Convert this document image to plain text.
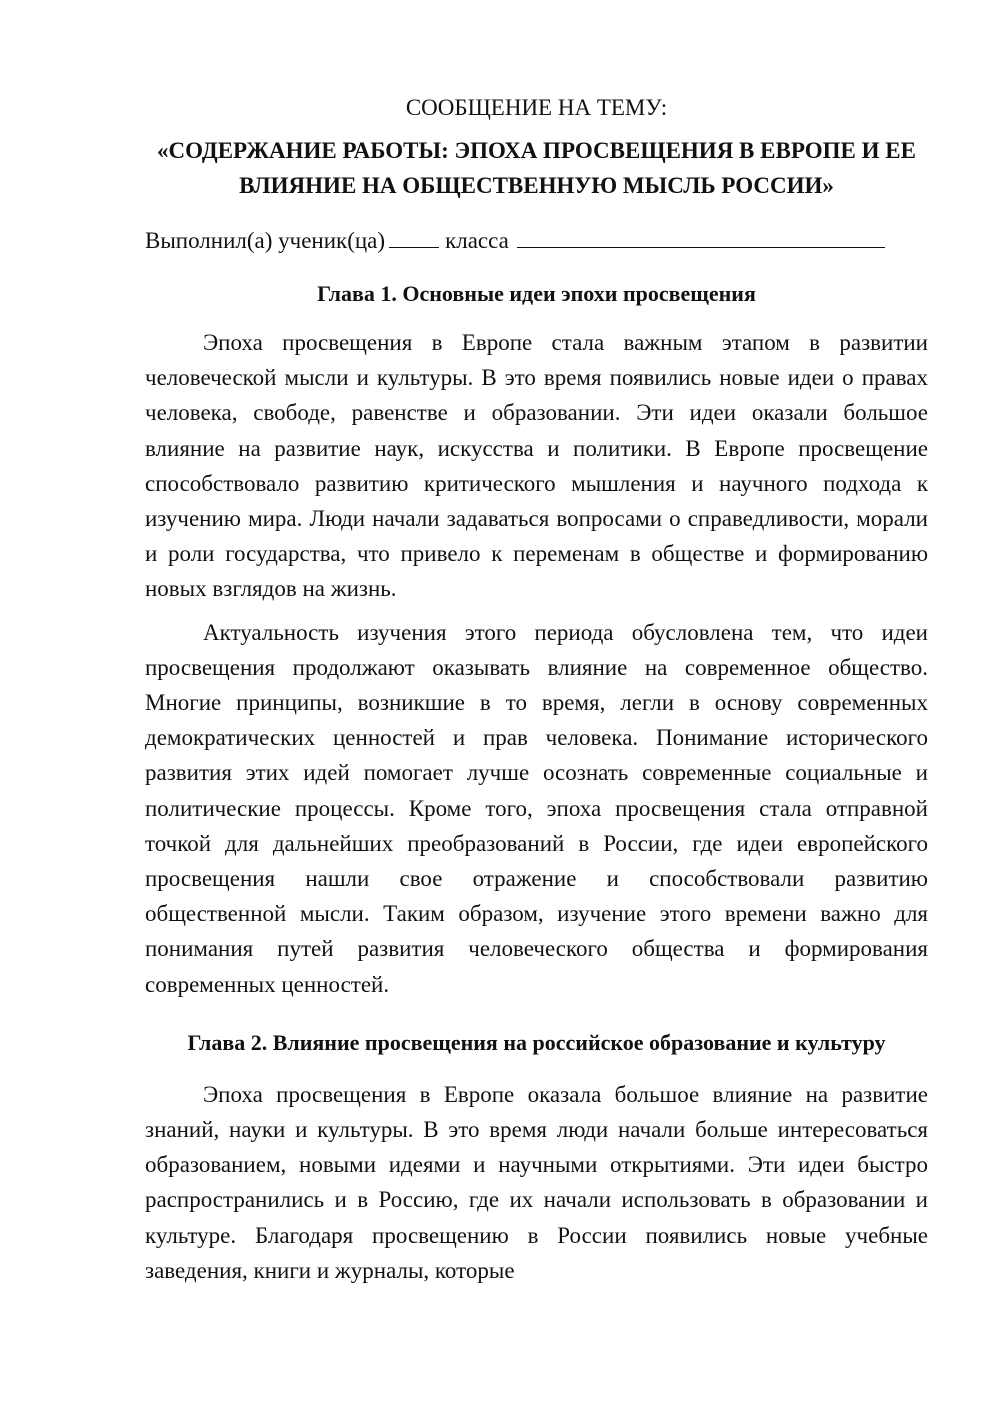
СООБЩЕНИЕ НА ТЕМУ:

«СОДЕРЖАНИЕ РАБОТЫ: ЭПОХА ПРОСВЕЩЕНИЯ В ЕВРОПЕ И ЕЕ ВЛИЯНИЕ НА ОБЩЕСТВЕННУЮ МЫСЛЬ РОССИИ»

Выполнил(а) ученик(ца)	класса

Глава 1. Основные идеи эпохи просвещения

Эпоха просвещения в Европе стала важным этапом в развитии человеческой мысли и культуры. В это время появились новые идеи о правах человека, свободе, равенстве и образовании. Эти идеи оказали большое влияние на развитие наук, искусства и политики. В Европе просвещение способствовало развитию критического мышления и научного подхода к изучению мира. Люди начали задаваться вопросами о справедливости, морали и роли государства, что привело к переменам в обществе и формированию новых взглядов на жизнь.

Актуальность изучения этого периода обусловлена тем, что идеи просвещения продолжают оказывать влияние на современное общество. Многие принципы, возникшие в то время, легли в основу современных демократических ценностей и прав человека. Понимание исторического развития этих идей помогает лучше осознать современные социальные и политические процессы. Кроме того, эпоха просвещения стала отправной точкой для дальнейших преобразований в России, где идеи европейского просвещения нашли свое отражение и способствовали развитию общественной мысли. Таким образом, изучение этого времени важно для понимания путей развития человеческого общества и формирования современных ценностей.

Глава 2. Влияние просвещения на российское образование и культуру

Эпоха просвещения в Европе оказала большое влияние на развитие знаний, науки и культуры. В это время люди начали больше интересоваться образованием, новыми идеями и научными открытиями. Эти идеи быстро распространились и в Россию, где их начали использовать в образовании и культуре. Благодаря просвещению в России появились новые учебные заведения, книги и журналы, которые
